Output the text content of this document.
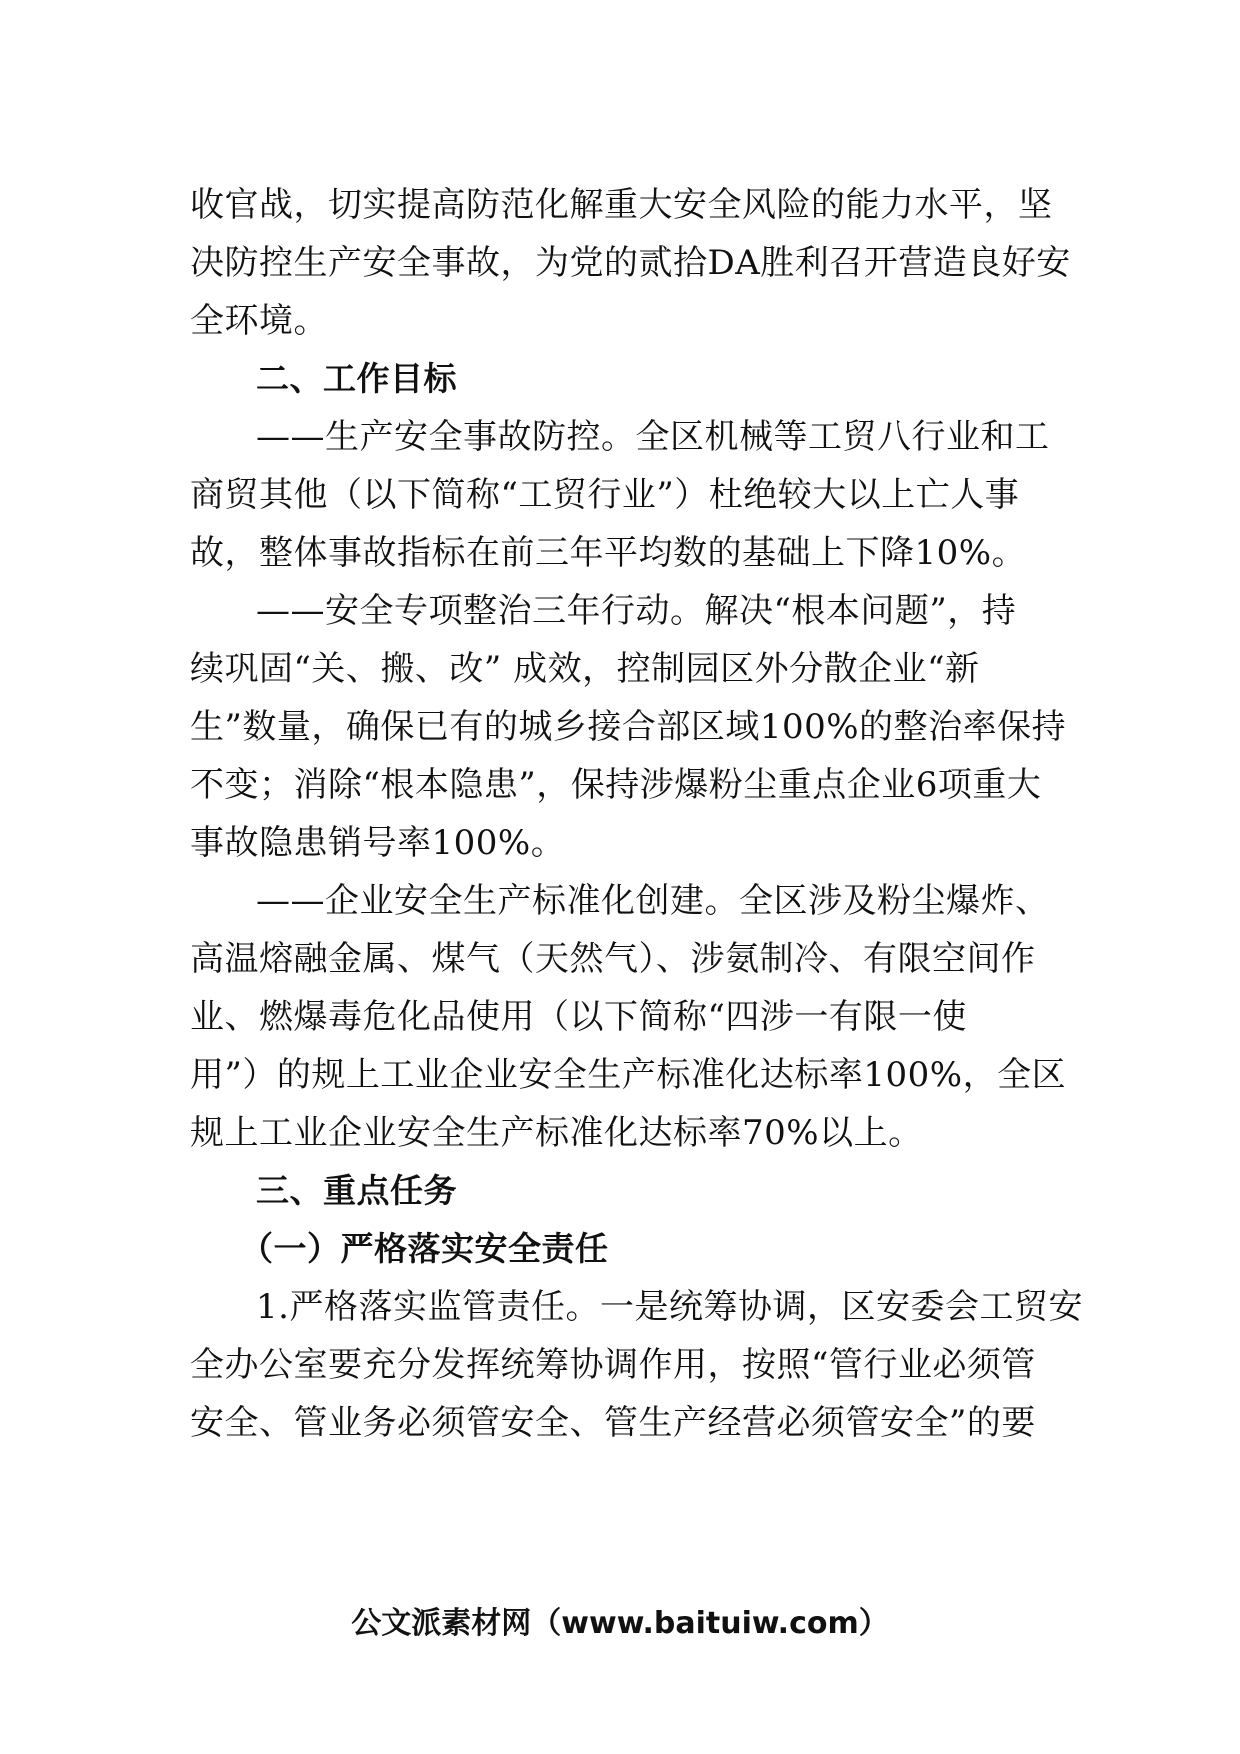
收官战，切实提高防范化解重大安全风险的能力水平，坚
决防控生产安全事故，为党的贰拾DA胜利召开营造良好安
全环境。
二、工作目标
——生产安全事故防控。全区机械等工贸八行业和工
商贸其他（以下简称“工贸行业”）杜绝较大以上亡人事
故，整体事故指标在前三年平均数的基础上下降10%。
——安全专项整治三年行动。解决“根本问题”，持
续巩固“关、搬、改” 成效，控制园区外分散企业“新
生”数量，确保已有的城乡接合部区域100%的整治率保持
不变；消除“根本隐患”，保持涉爆粉尘重点企业6项重大
事故隐患销号率100%。
——企业安全生产标准化创建。全区涉及粉尘爆炸、
高温熔融金属、煤气（天然气）、涉氨制冷、有限空间作
业、燃爆毒危化品使用（以下简称“四涉一有限一使
用”）的规上工业企业安全生产标准化达标率100%，全区
规上工业企业安全生产标准化达标率70%以上。
三、重点任务
（一）严格落实安全责任
1.严格落实监管责任。一是统筹协调，区安委会工贸安
全办公室要充分发挥统筹协调作用，按照“管行业必须管
安全、管业务必须管安全、管生产经营必须管安全”的要
公文派素材网（www.baituiw.com）
